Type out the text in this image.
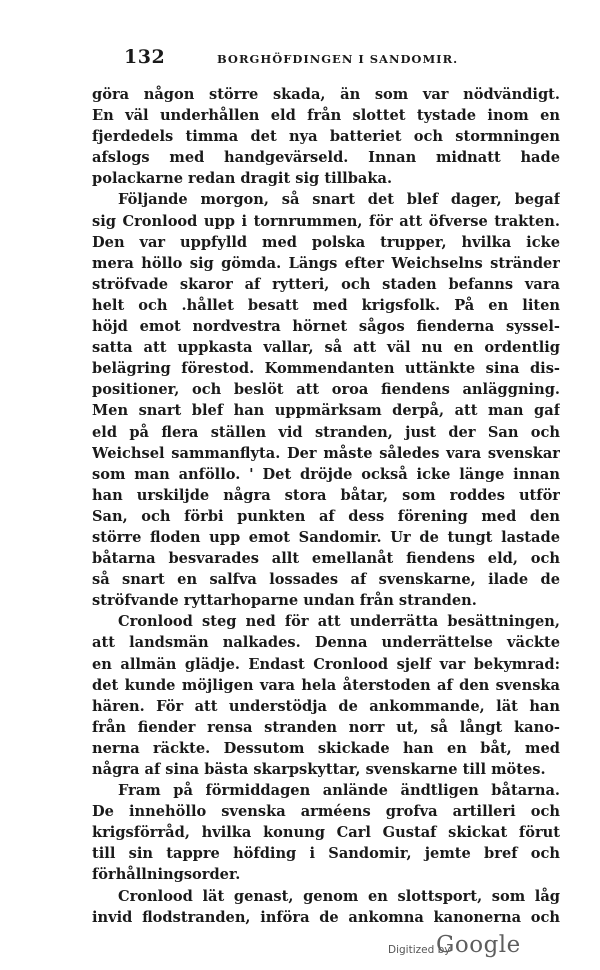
132	BORGHÖFDINGEN I SANDOMIR.
göra någon större skada, än som var nödvändigt.
En väl underhållen eld från slottet tystade inom en
fjerdedels timma det nya batteriet och stormningen
afslogs med handgevärseld. Innan midnatt hade
polackarne redan dragit sig tillbaka.
Följande morgon, så snart det blef dager, begaf
sig Cronlood upp i tornrummen, för att öfverse trakten.
Den var uppfylld med polska trupper, hvilka icke
mera höllo sig gömda. Längs efter Weichselns stränder
ströfvade skaror af rytteri, och staden befanns vara
helt och .hållet besatt med krigsfolk. På en liten
höjd emot nordvestra hörnet sågos fienderna syssel-
satta att uppkasta vallar, så att väl nu en ordentlig
belägring förestod. Kommendanten uttänkte sina dis-
positioner, och beslöt att oroa fiendens anläggning.
Men snart blef han uppmärksam derpå, att man gaf
eld på flera ställen vid stranden, just der San och
Weichsel sammanflyta. Der måste således vara svenskar
som man anföllo. ' Det dröjde också icke länge innan
han urskiljde några stora båtar, som roddes utför
San, och förbi punkten af dess förening med den
större floden upp emot Sandomir. Ur de tungt lastade
båtarna besvarades allt emellanåt fiendens eld, och
så snart en salfva lossades af svenskarne, ilade de
ströfvande ryttarhoparne undan från stranden.
Cronlood steg ned för att underrätta besättningen,
att landsmän nalkades. Denna underrättelse väckte
en allmän glädje. Endast Cronlood sjelf var bekymrad:
det kunde möjligen vara hela återstoden af den svenska
hären. För att understödja de ankommande, lät han
från fiender rensa stranden norr ut, så långt kano-
nerna räckte. Dessutom skickade han en båt, med
några af sina bästa skarpskyttar, svenskarne till mötes.
Fram på förmiddagen anlände ändtligen båtarna.
De innehöllo svenska arméens grofva artilleri och
krigsförråd, hvilka konung Carl Gustaf skickat förut
till sin tappre höfding i Sandomir, jemte bref och
förhållningsorder.
Cronlood lät genast, genom en slottsport, som låg
invid flodstranden, införa de ankomna kanonerna och
Digitized by
Google
